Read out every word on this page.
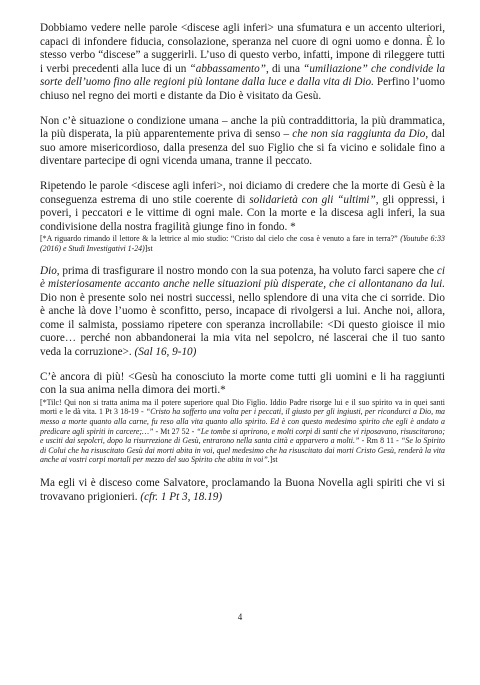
Dobbiamo vedere nelle parole <discese agli inferi> una sfumatura e un accento ulteriori, capaci di infondere fiducia, consolazione, speranza nel cuore di ogni uomo e donna. È lo stesso verbo “discese” a suggerirli. L’uso di questo verbo, infatti, impone di rileggere tutti i verbi precedenti alla luce di un “abbassamento”, di una “umiliazione” che condivide la sorte dell’uomo fino alle regioni più lontane dalla luce e dalla vita di Dio. Perfino l’uomo chiuso nel regno dei morti e distante da Dio è visitato da Gesù.

Non c’è situazione o condizione umana – anche la più contraddittoria, la più drammatica, la più disperata, la più apparentemente priva di senso – che non sia raggiunta da Dio, dal suo amore misericordioso, dalla presenza del suo Figlio che si fa vicino e solidale fino a diventare partecipe di ogni vicenda umana, tranne il peccato.

Ripetendo le parole <discese agli inferi>, noi diciamo di credere che la morte di Gesù è la conseguenza estrema di uno stile coerente di solidarietà con gli “ultimi”, gli oppressi, i poveri, i peccatori e le vittime di ogni male. Con la morte e la discesa agli inferi, la sua condivisione della nostra fragilità giunge fino in fondo. *

[*A riguardo rimando il lettore & la lettrice al mio studio: “Cristo dal cielo che cosa è venuto a fare in terra?” (Youtube 6:33 (2016) e Studi Investigativi 1-24)]st

Dio, prima di trasfigurare il nostro mondo con la sua potenza, ha voluto farci sapere che ci è misteriosamente accanto anche nelle situazioni più disperate, che ci allontanano da lui. Dio non è presente solo nei nostri successi, nello splendore di una vita che ci sorride. Dio è anche là dove l’uomo è sconfitto, perso, incapace di rivolgersi a lui. Anche noi, allora, come il salmista, possiamo ripetere con speranza incrollabile: <Di questo gioisce il mio cuore… perché non abbandonerai la mia vita nel sepolcro, né lascerai che il tuo santo veda la corruzione>. (Sal 16, 9-10)

C’è ancora di più! <Gesù ha conosciuto la morte come tutti gli uomini e li ha raggiunti con la sua anima nella dimora dei morti.*

[*Tilc! Qui non si tratta anima ma il potere superiore qual Dio Figlio. Iddio Padre risorge lui e il suo spirito va in quei santi morti e le dà vita. 1 Pt 3 18-19 - “Cristo ha sofferto una volta per i peccati, il giusto per gli ingiusti, per ricondurci a Dio, ma messo a morte quanto alla carne, fu reso alla vita quanto allo spirito. Ed è con questo medesimo spirito che egli è andato a predicare agli spiriti in carcere;…” - Mt 27 52 - “Le tombe si aprirono, e molti corpi di santi che vi riposavano, risuscitarono; e usciti dai sepolcri, dopo la risurrezione di Gesù, entrarono nella santa città e apparvero a molti.” - Rm 8 11 - “Se lo Spirito di Colui che ha risuscitato Gesù dai morti abita in voi, quel medesimo che ha risuscitato dai morti Cristo Gesù, renderà la vita anche ai vostri corpi mortali per mezzo del suo Spirito che abita in voi”.]st

Ma egli vi è disceso come Salvatore, proclamando la Buona Novella agli spiriti che vi si trovavano prigionieri. (cfr. 1 Pt 3, 18.19)

4
